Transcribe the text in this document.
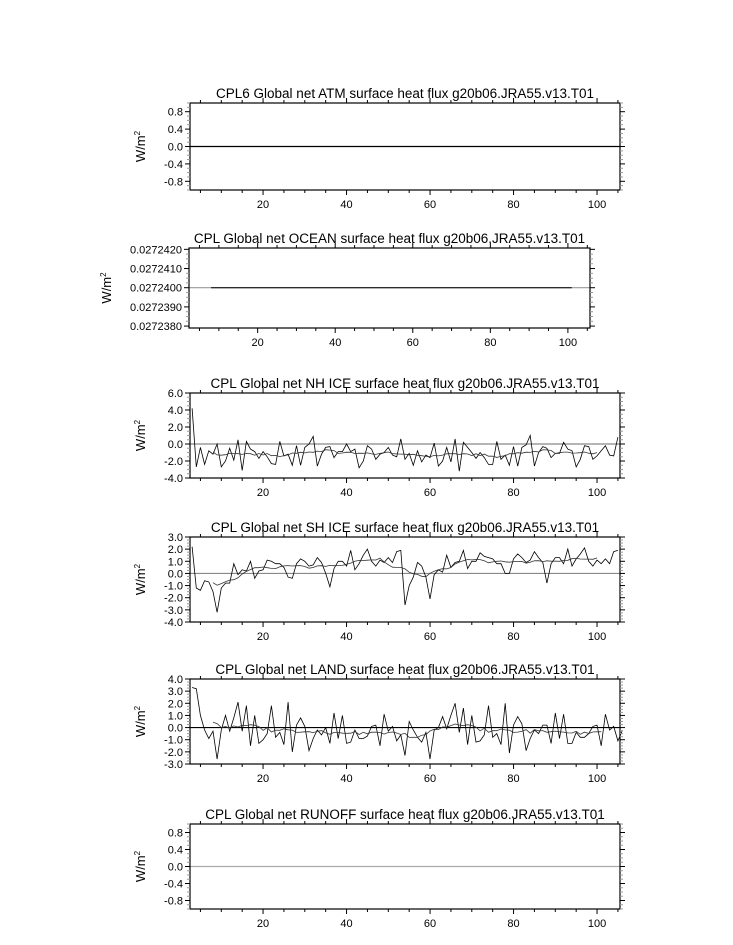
CPL6 Global net ATM surface heat flux g20b06.JRA55.v13.T01
$W/m^2$
20	40	60	80	100
0.8
0.4
0.0
-0.4
-0.8
CPL Global net OCEAN surface heat flux g20b06.JRA55.v13.T01
$W/m^2$
20	40	60	80	100
0.0272420
0.0272410
0.0272400
0.0272390
0.0272380
CPL Global net NH ICE surface heat flux g20b06.JRA55.v13.T01
$W/m^2$
20	40	60	80	100
6.0
4.0
2.0
0.0
-2.0
-4.0
CPL Global net SH ICE surface heat flux g20b06.JRA55.v13.T01
$W/m^2$
20	40	60	80	100
3.0
2.0
1.0
0.0
-1.0
-2.0
-3.0
-4.0
CPL Global net LAND surface heat flux g20b06.JRA55.v13.T01
$W/m^2$
20	40	60	80	100
4.0
3.0
2.0
1.0
0.0
-1.0
-2.0
-3.0
CPL Global net RUNOFF surface heat flux g20b06.JRA55.v13.T01
$W/m^2$
20	40	60	80	100
0.8
0.4
0.0
-0.4
-0.8
